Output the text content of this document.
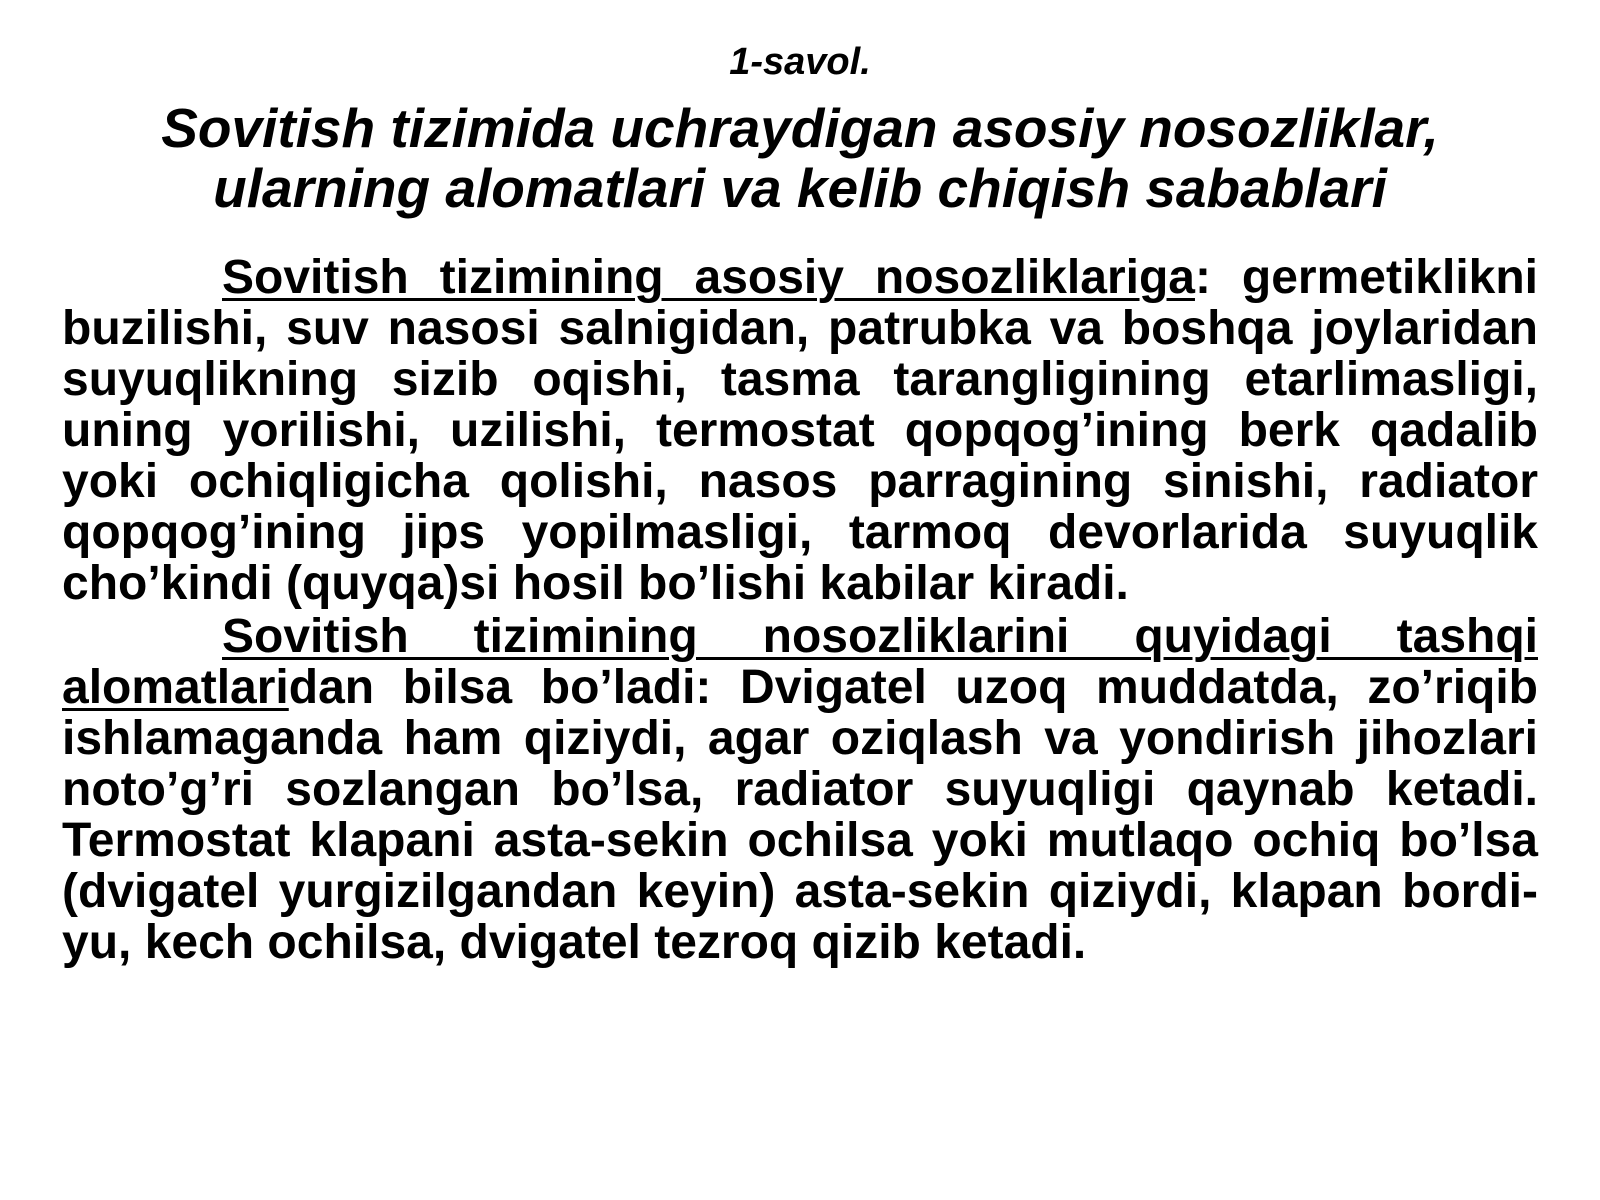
1-savol.

Sovitish tizimida uchraydigan asosiy nosozliklar,
ularning alomatlari va kelib chiqish sabablari

Sovitish tizimining asosiy nosozliklariga: germetiklikni buzilishi, suv nasosi salnigidan, patrubka va boshqa joylaridan suyuqlikning sizib oqishi, tasma tarangligining etarlimasligi, uning yorilishi, uzilishi, termostat qopqog’ining berk qadalib yoki ochiqligicha qolishi, nasos parragining sinishi, radiator qopqog’ining jips yopilmasligi, tarmoq devorlarida suyuqlik cho’kindi (quyqa)si hosil bo’lishi kabilar kiradi.

Sovitish tizimining nosozliklarini quyidagi tashqi alomatlaridan bilsa bo’ladi: Dvigatel uzoq muddatda, zo’riqib ishlamaganda ham qiziydi, agar oziqlash va yondirish jihozlari noto’g’ri sozlangan bo’lsa, radiator suyuqligi qaynab ketadi. Termostat klapani asta-sekin ochilsa yoki mutlaqo ochiq bo’lsa (dvigatel yurgizilgandan keyin) asta-sekin qiziydi, klapan bordi-yu, kech ochilsa, dvigatel tezroq qizib ketadi.
